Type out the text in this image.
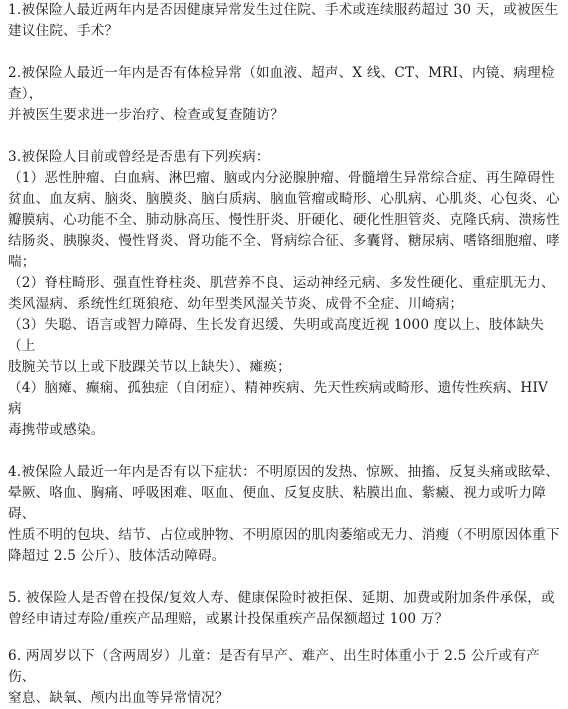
1.被保险人最近两年内是否因健康异常发生过住院、手术或连续服药超过 30 天，或被医生

建议住院、手术？

2.被保险人最近一年内是否有体检异常（如血液、超声、X 线、CT、MRI、内镜、病理检查），

并被医生要求进一步治疗、检查或复查随访？

3.被保险人目前或曾经是否患有下列疾病：

（1）恶性肿瘤、白血病、淋巴瘤、脑或内分泌腺肿瘤、骨髓增生异常综合症、再生障碍性

贫血、血友病、脑炎、脑膜炎、脑白质病、脑血管瘤或畸形、心肌病、心肌炎、心包炎、心

瓣膜病、心功能不全、肺动脉高压、慢性肝炎、肝硬化、硬化性胆管炎、克隆氏病、溃疡性

结肠炎、胰腺炎、慢性肾炎、肾功能不全、肾病综合征、多囊肾、糖尿病、嗜铬细胞瘤、哮

喘；

（2）脊柱畸形、强直性脊柱炎、肌营养不良、运动神经元病、多发性硬化、重症肌无力、

类风湿病、系统性红斑狼疮、幼年型类风湿关节炎、成骨不全症、川崎病；

（3）失聪、语言或智力障碍、生长发育迟缓、失明或高度近视 1000 度以上、肢体缺失（上

肢腕关节以上或下肢踝关节以上缺失）、瘫痪；

（4）脑瘫、癫痫、孤独症（自闭症）、精神疾病、先天性疾病或畸形、遗传性疾病、HIV 病

毒携带或感染。

4.被保险人最近一年内是否有以下症状：不明原因的发热、惊厥、抽搐、反复头痛或眩晕、

晕厥、咯血、胸痛、呼吸困难、呕血、便血、反复皮肤、粘膜出血、紫癜、视力或听力障碍、

性质不明的包块、结节、占位或肿物、不明原因的肌肉萎缩或无力、消瘦（不明原因体重下

降超过 2.5 公斤）、肢体活动障碍。

5. 被保险人是否曾在投保/复效人寿、健康保险时被拒保、延期、加费或附加条件承保，或

曾经申请过寿险/重疾产品理赔，或累计投保重疾产品保额超过 100 万？

6. 两周岁以下（含两周岁）儿童：是否有早产、难产、出生时体重小于 2.5 公斤或有产伤、

窒息、缺氧、颅内出血等异常情况？
